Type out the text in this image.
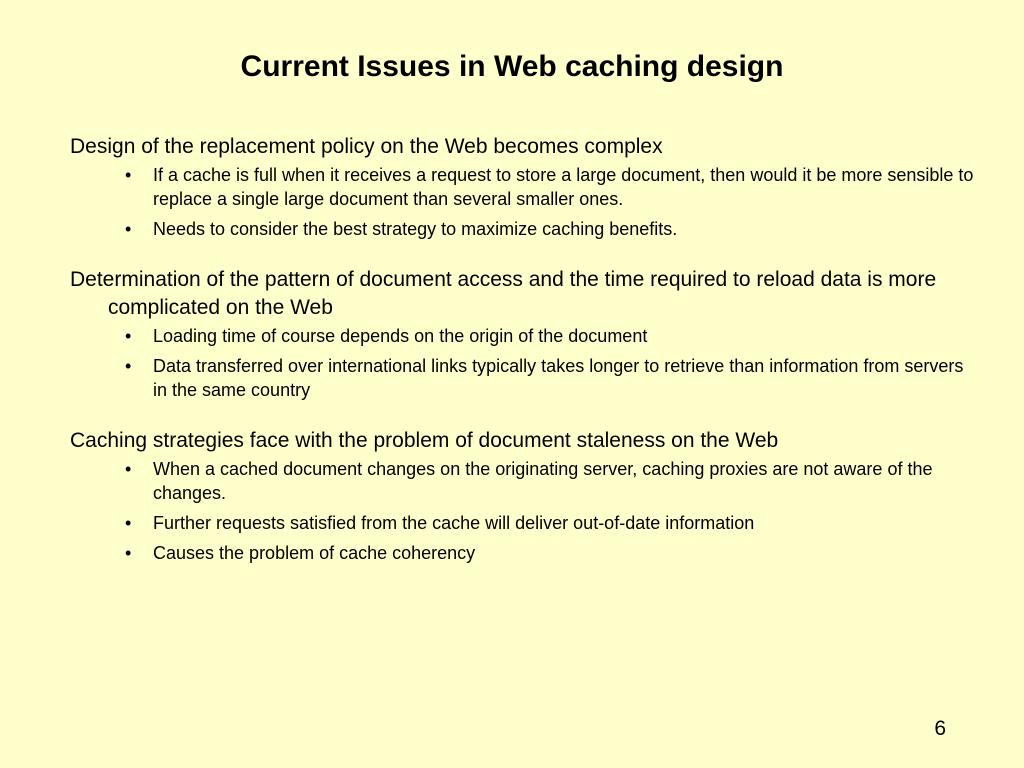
Current Issues in Web caching design

Design of the replacement policy on the Web becomes complex

• If a cache is full when it receives a request to store a large document, then would it be more sensible to replace a single large document than several smaller ones.
• Needs to consider the best strategy to maximize caching benefits.

Determination of the pattern of document access and the time required to reload data is more complicated on the Web

• Loading time of course depends on the origin of the document
• Data transferred over international links typically takes longer to retrieve than information from servers in the same country

Caching strategies face with the problem of document staleness on the Web

• When a cached document changes on the originating server, caching proxies are not aware of the changes.
• Further requests satisfied from the cache will deliver out-of-date information
• Causes the problem of cache coherency
6
